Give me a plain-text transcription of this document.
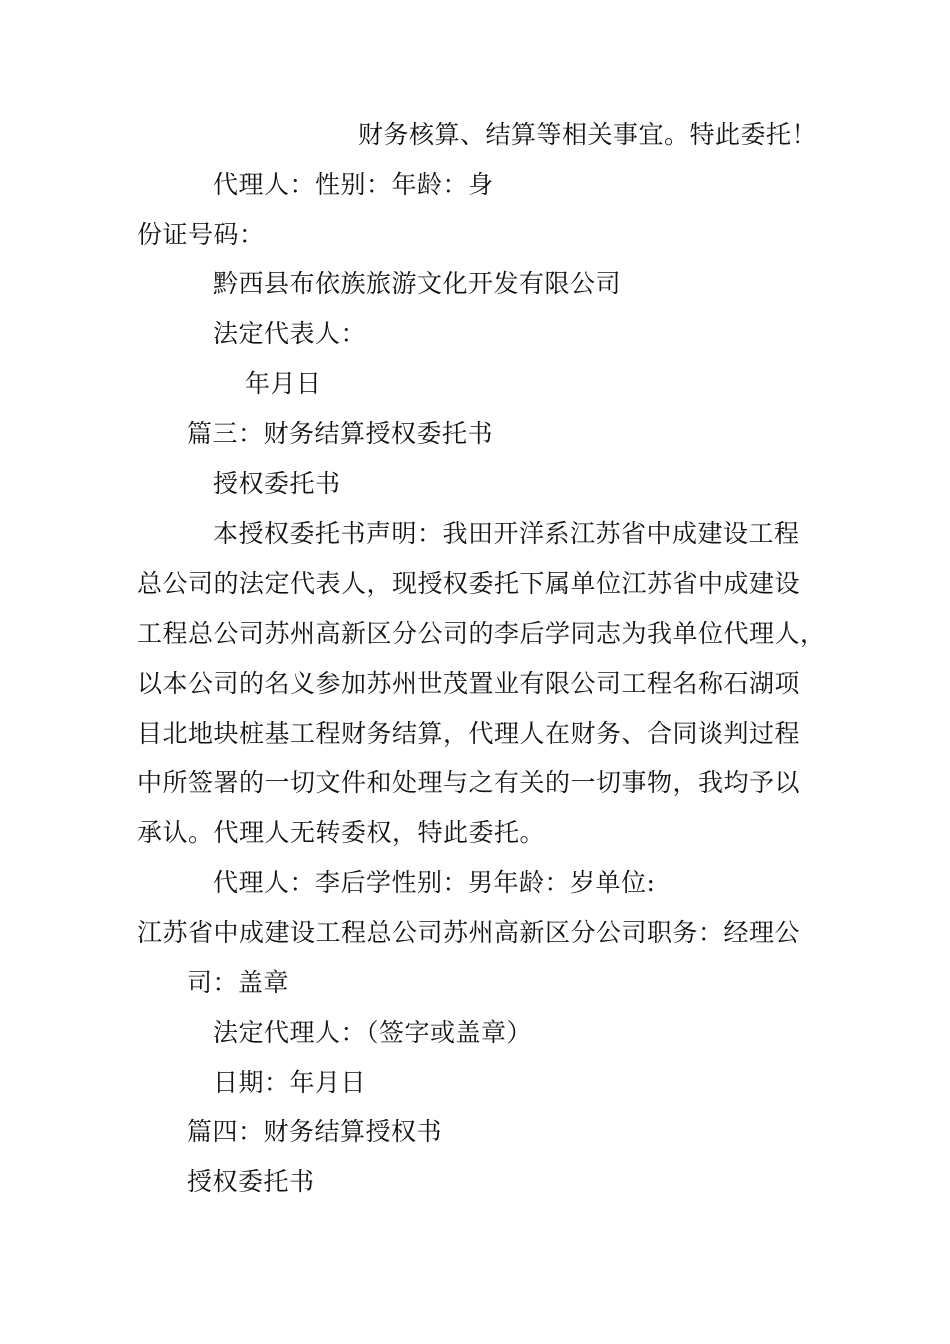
财务核算、结算等相关事宜。特此委托！
代理人：性别：年龄：身
份证号码：
黔西县布依族旅游文化开发有限公司
法定代表人：
年月日
篇三：财务结算授权委托书
授权委托书
本授权委托书声明：我田开洋系江苏省中成建设工程
总公司的法定代表人，现授权委托下属单位江苏省中成建设
工程总公司苏州高新区分公司的李后学同志为我单位代理人，
以本公司的名义参加苏州世茂置业有限公司工程名称石湖项
目北地块桩基工程财务结算，代理人在财务、合同谈判过程
中所签署的一切文件和处理与之有关的一切事物，我均予以
承认。代理人无转委权，特此委托。
代理人：李后学性别：男年龄：岁单位:
江苏省中成建设工程总公司苏州高新区分公司职务：经理公
司：盖章
法定代理人：（签字或盖章）
日期：年月日
篇四：财务结算授权书
授权委托书
